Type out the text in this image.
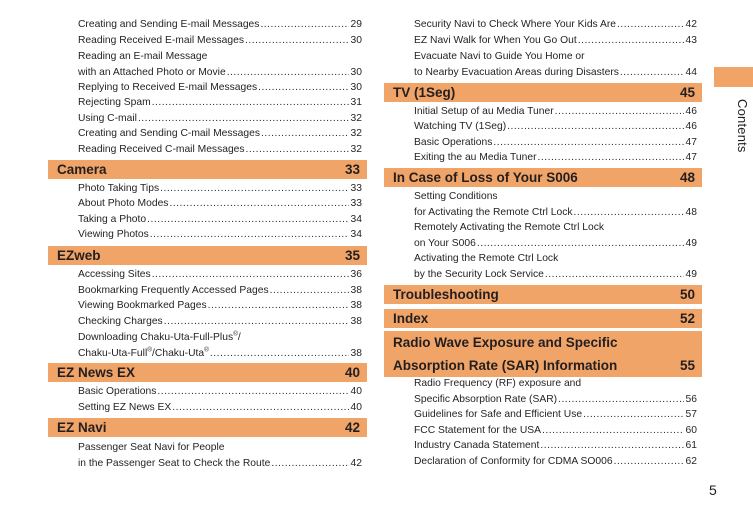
Creating and Sending E-mail Messages .....	29
Reading Received E-mail Messages .....	30
Reading an E-mail Message
with an Attached Photo or Movie .....	30
Replying to Received E-mail Messages .....	30
Rejecting Spam .....	31
Using C-mail .....	32
Creating and Sending C-mail Messages .....	32
Reading Received C-mail Messages .....	32
Camera	33
Photo Taking Tips .....	33
About Photo Modes .....	33
Taking a Photo .....	34
Viewing Photos .....	34
EZweb	35
Accessing Sites .....	36
Bookmarking Frequently Accessed Pages .....	38
Viewing Bookmarked Pages .....	38
Checking Charges .....	38
Downloading Chaku-Uta-Full-Plus®/
Chaku-Uta-Full®/Chaku-Uta® .....	38
EZ News EX	40
Basic Operations .....	40
Setting EZ News EX .....	40
EZ Navi	42
Passenger Seat Navi for People
in the Passenger Seat to Check the Route .....	42
Security Navi to Check Where Your Kids Are .....	42
EZ Navi Walk for When You Go Out .....	43
Evacuate Navi to Guide You Home or
to Nearby Evacuation Areas during Disasters .....	44
TV (1Seg)	45
Initial Setup of au Media Tuner .....	46
Watching TV (1Seg) .....	46
Basic Operations .....	47
Exiting the au Media Tuner .....	47
In Case of Loss of Your S006	48
Setting Conditions
for Activating the Remote Ctrl Lock .....	48
Remotely Activating the Remote Ctrl Lock
on Your S006 .....	49
Activating the Remote Ctrl Lock
by the Security Lock Service .....	49
Troubleshooting	50
Index	52
Radio Wave Exposure and Specific
Absorption Rate (SAR) Information	55
Radio Frequency (RF) exposure and
Specific Absorption Rate (SAR) .....	56
Guidelines for Safe and Efficient Use .....	57
FCC Statement for the USA .....	60
Industry Canada Statement .....	61
Declaration of Conformity for CDMA SO006 .....	62
Contents
5
